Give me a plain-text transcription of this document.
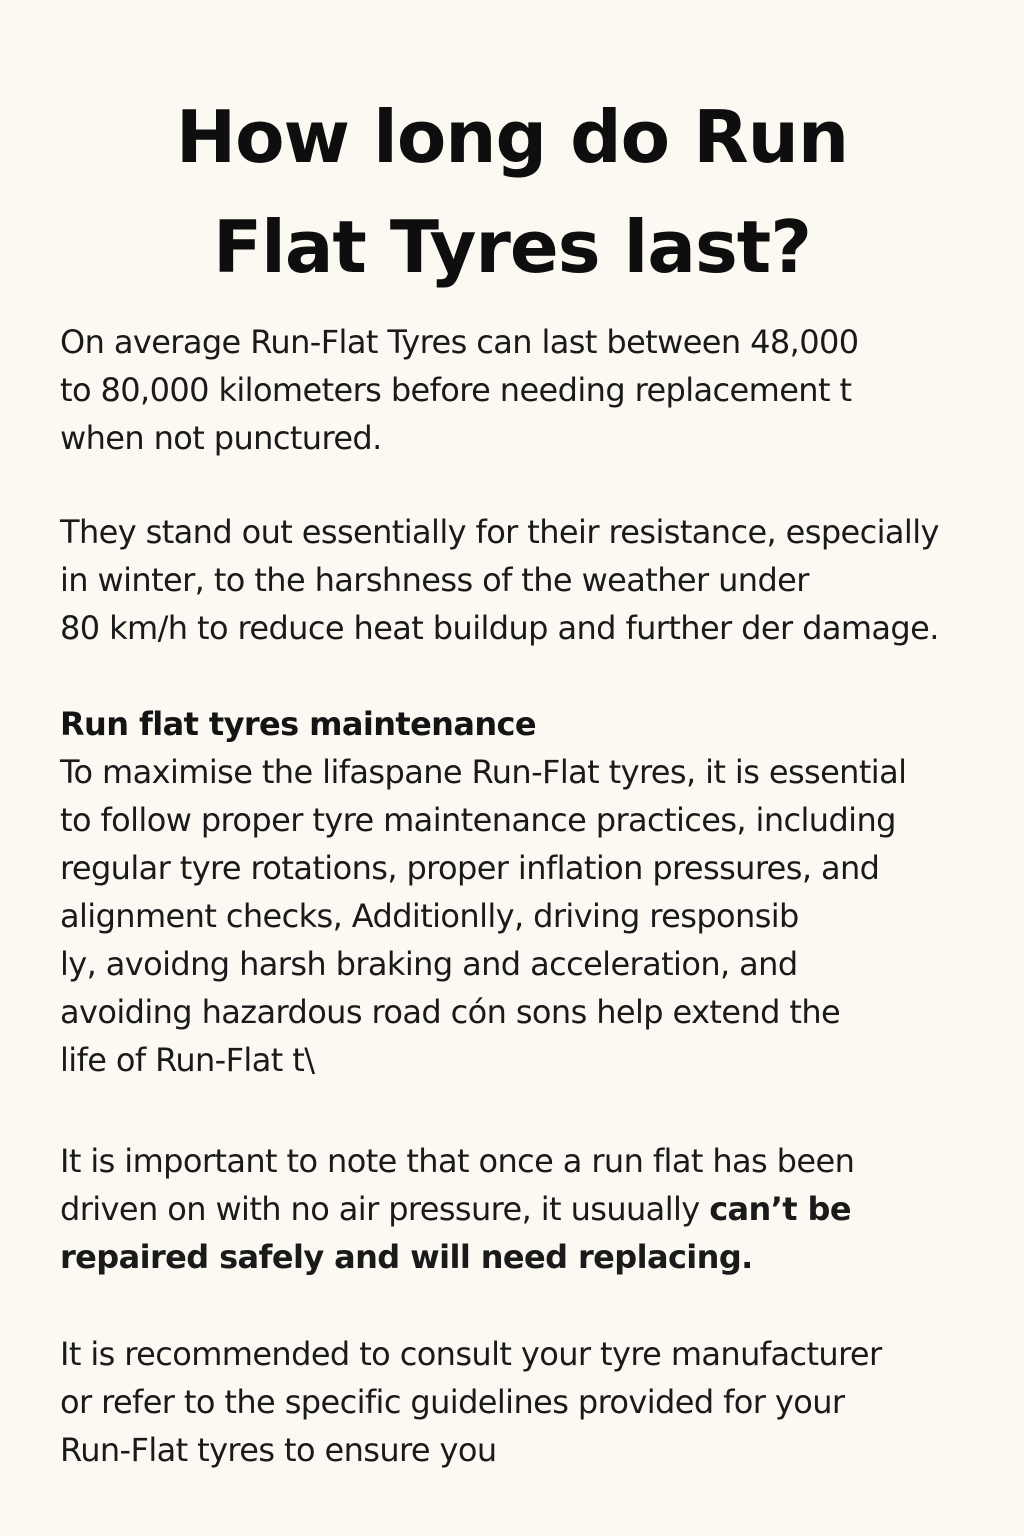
How long do Run
Flat Tyres last?

On average Run-Flat Tyres can last between 48,000
to 80,000 kilometers before needing replacement t
when not punctured.

They stand out essentially for their resistance, especially
in winter, to the harshness of the weather under
80 km/h to reduce heat buildup and further der damage.

Run flat tyres maintenance

To maximise the lifaspane Run-Flat tyres, it is essential
to follow proper tyre maintenance practices, including
regular tyre rotations, proper inflation pressures, and
alignment checks, Additionlly, driving responsib
ly, avoidng harsh braking and acceleration, and
avoiding hazardous road cón sons help extend the
life of Run-Flat t\

It is important to note that once a run flat has been
driven on with no air pressure, it usuually can’t be
repaired safely and will need replacing.

It is recommended to consult your tyre manufacturer
or refer to the specific guidelines provided for your
Run-Flat tyres to ensure you
